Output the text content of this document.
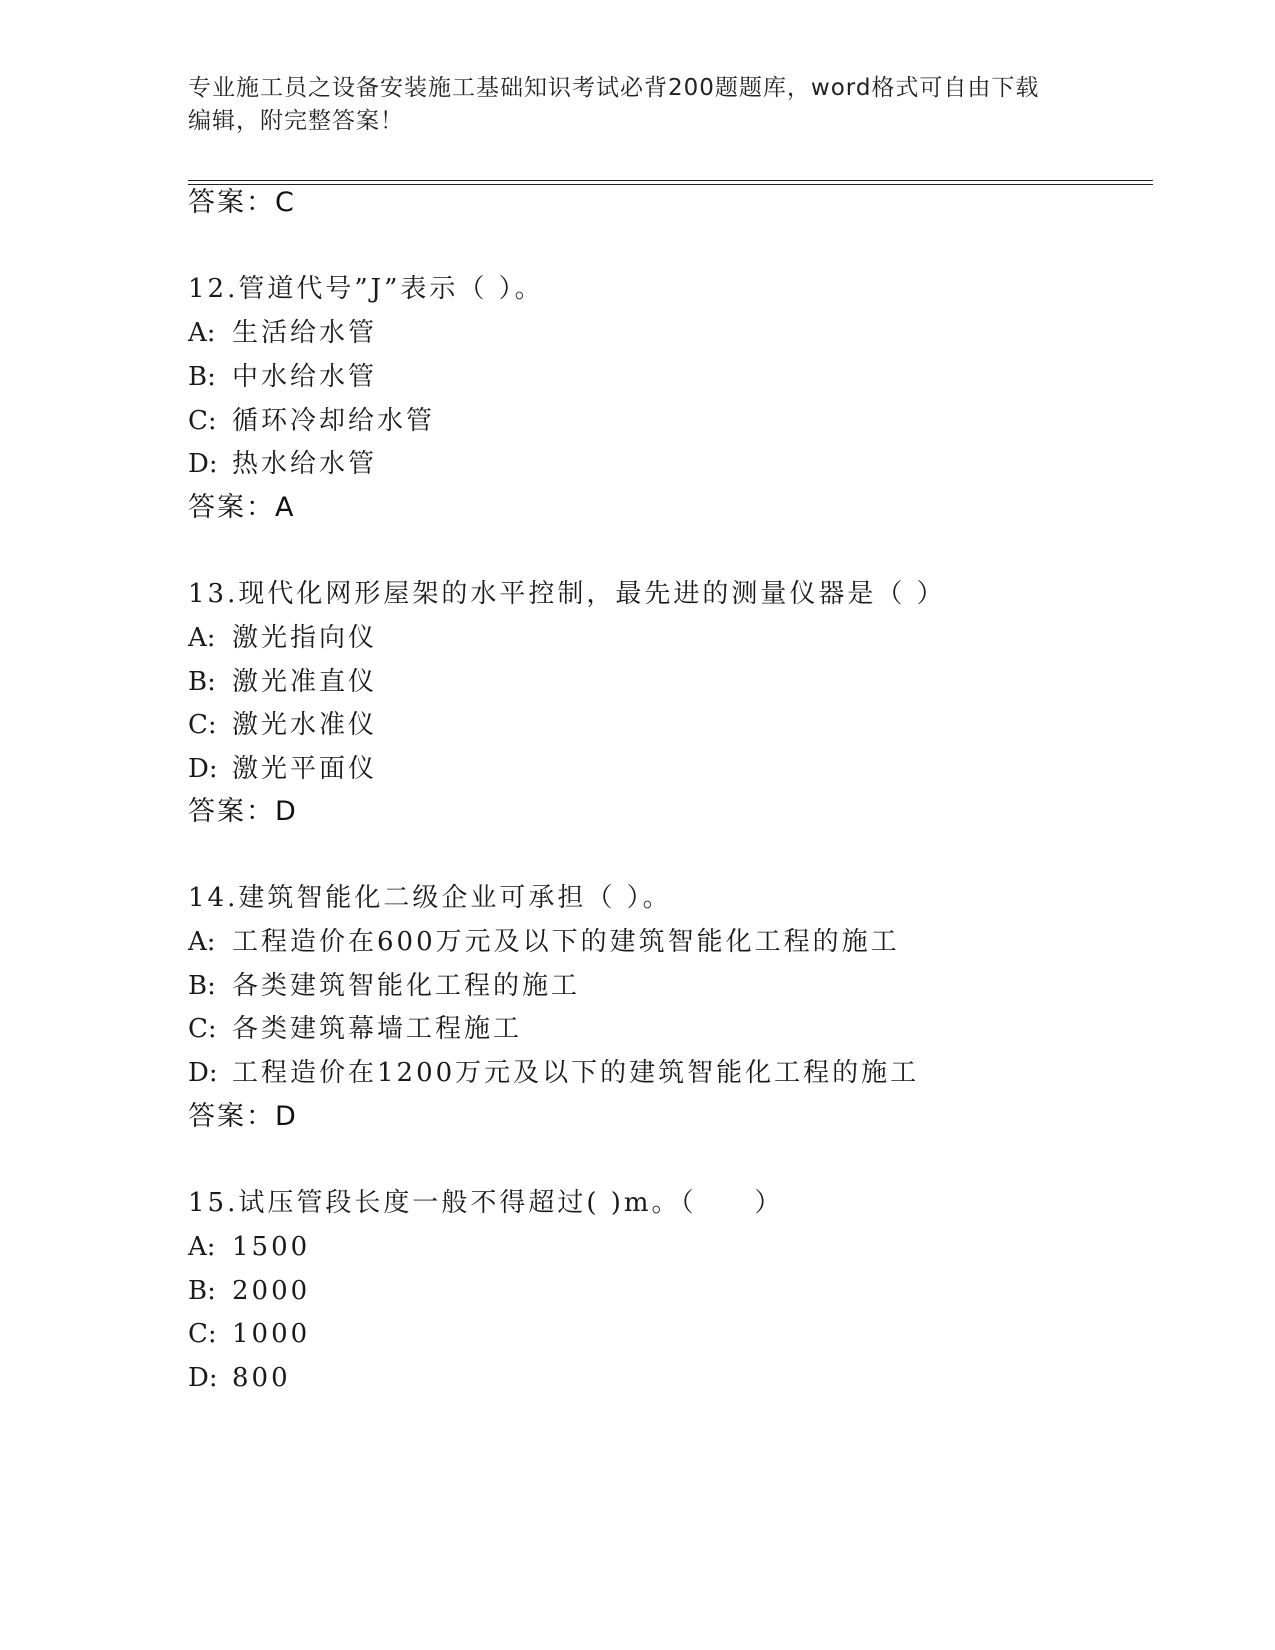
专业施工员之设备安装施工基础知识考试必背200题题库，word格式可自由下载
编辑，附完整答案！
答案：C
12.管道代号”J”表示（ ）。
A: 生活给水管
B: 中水给水管
C: 循环冷却给水管
D: 热水给水管
答案：A
13.现代化网形屋架的水平控制，最先进的测量仪器是（ ）
A: 激光指向仪
B: 激光准直仪
C: 激光水准仪
D: 激光平面仪
答案：D
14.建筑智能化二级企业可承担（ ）。
A: 工程造价在600万元及以下的建筑智能化工程的施工
B: 各类建筑智能化工程的施工
C: 各类建筑幕墙工程施工
D: 工程造价在1200万元及以下的建筑智能化工程的施工
答案：D
15.试压管段长度一般不得超过( )m。（　　）
A: 1500
B: 2000
C: 1000
D: 800
